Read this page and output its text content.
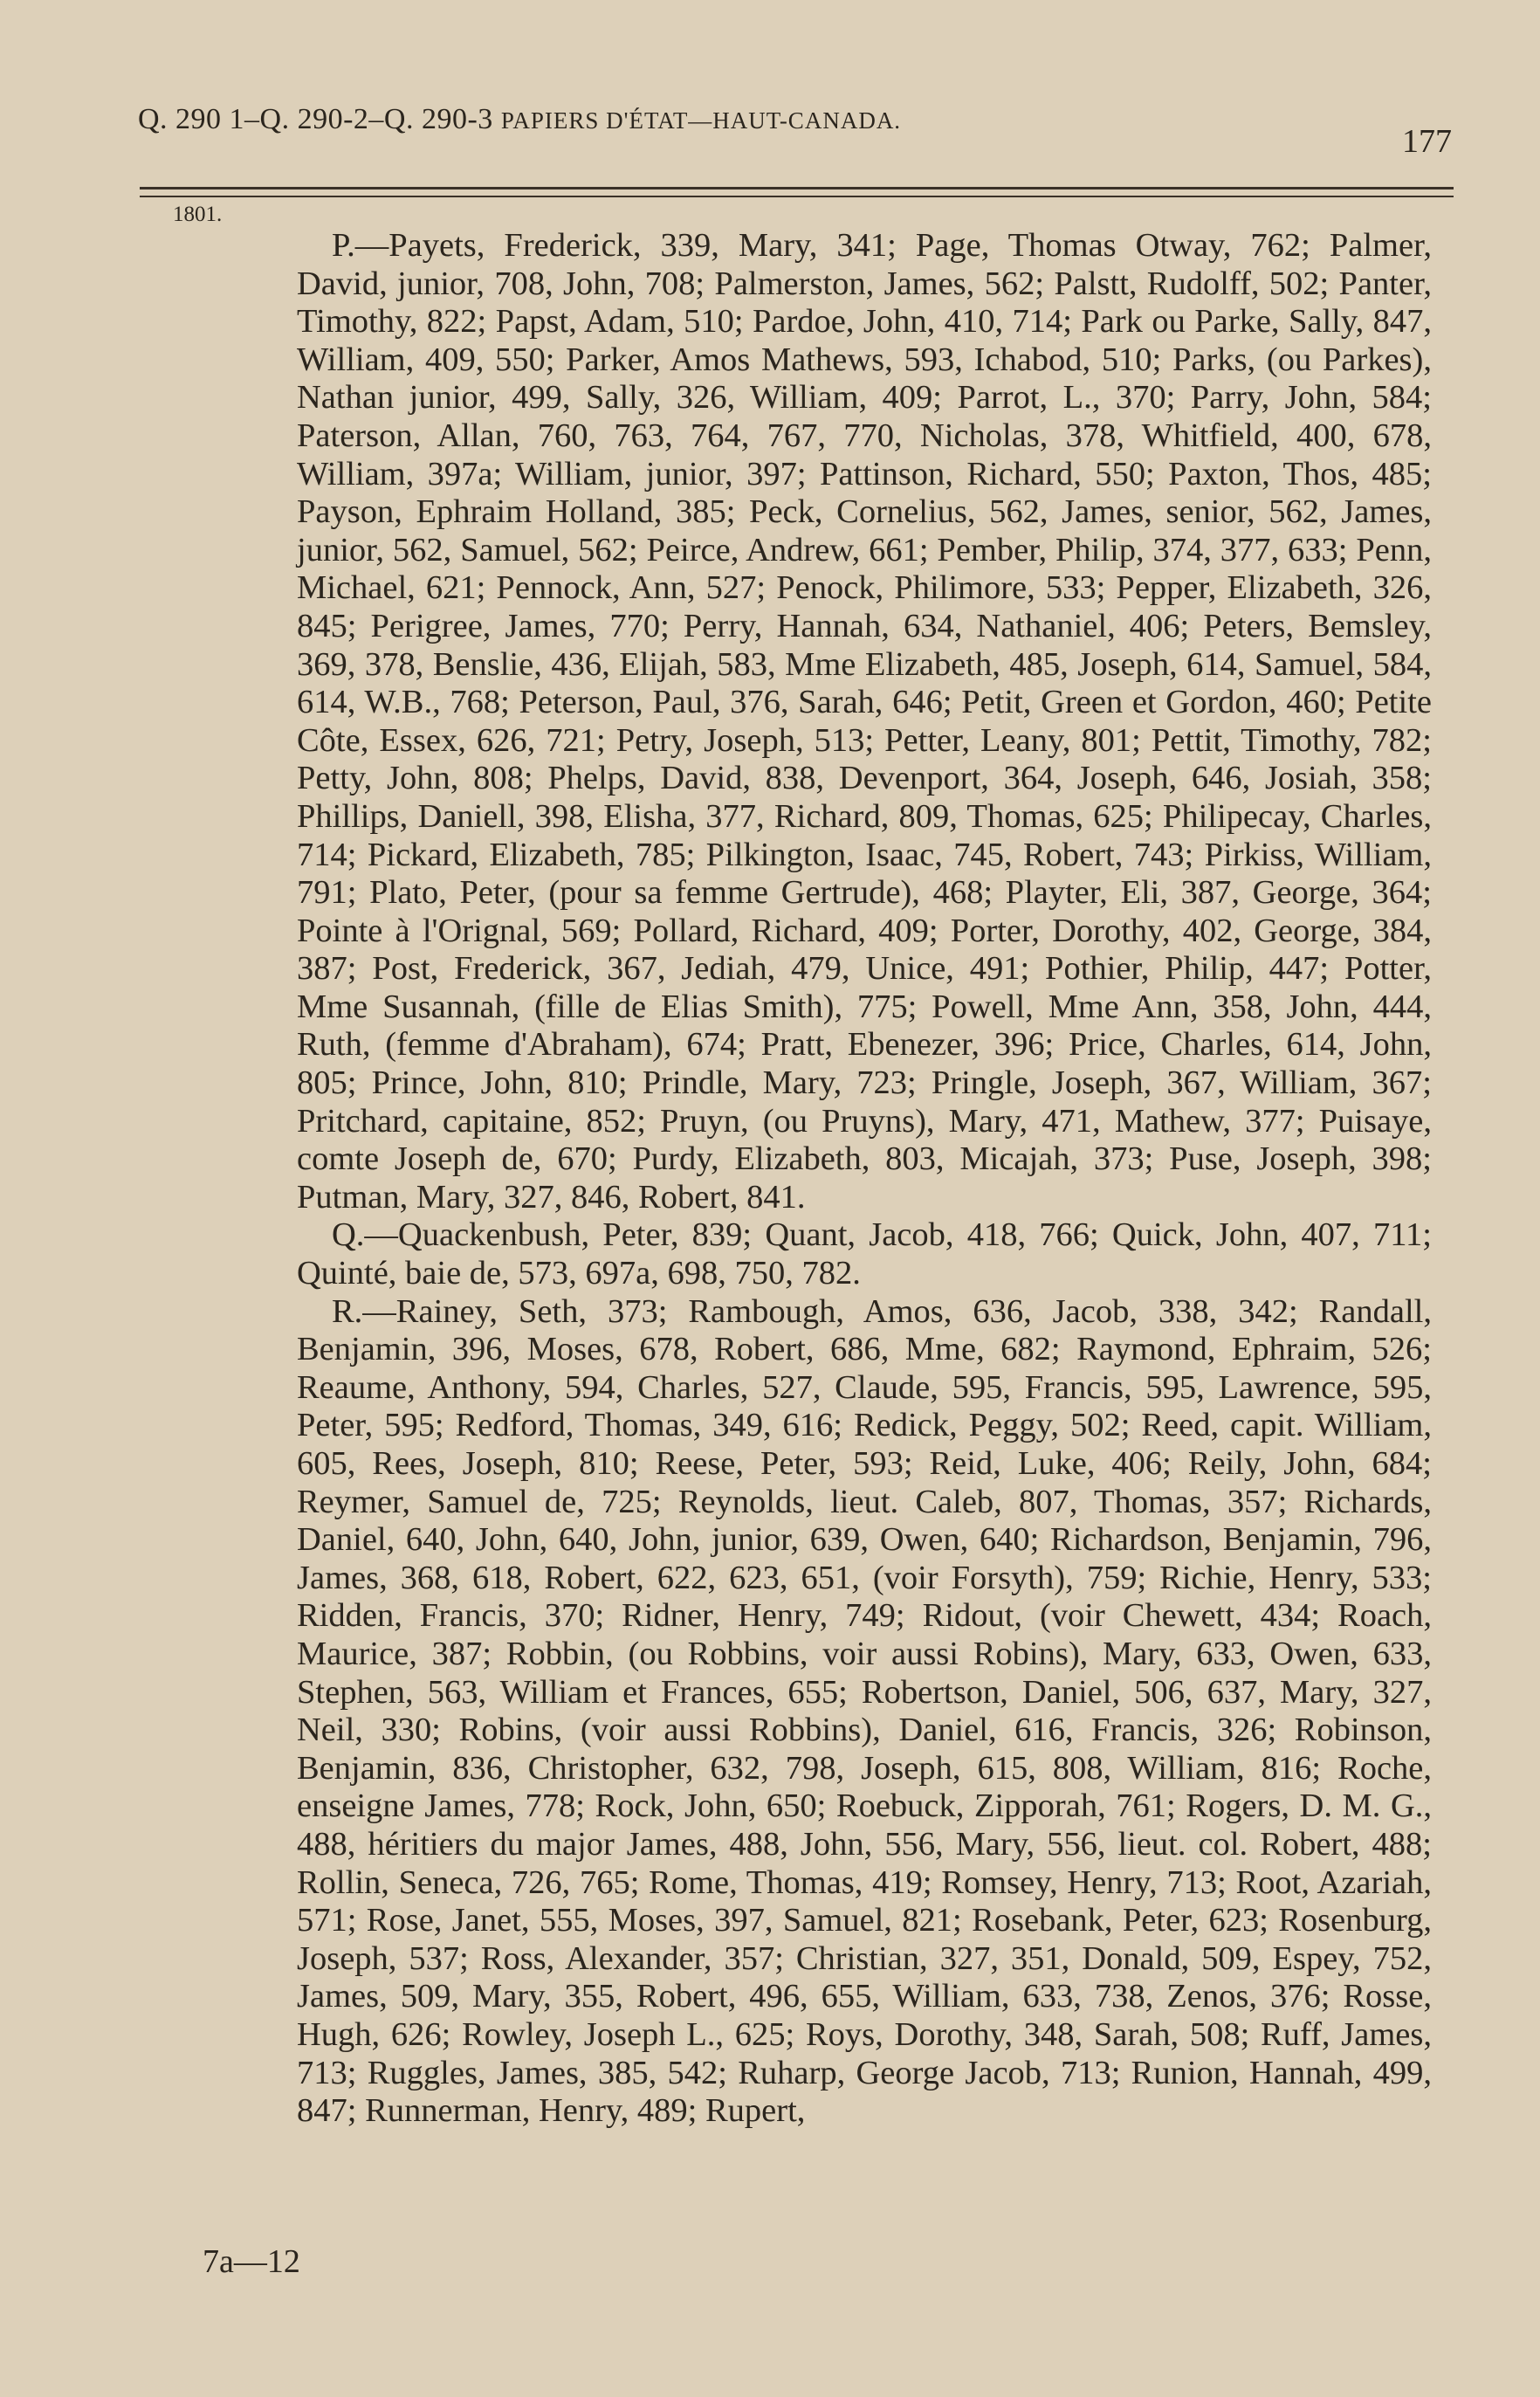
Q. 290 1–Q. 290-2–Q. 290-3 PAPIERS D'ÉTAT—HAUT-CANADA.
177
1801.

P.—Payets, Frederick, 339, Mary, 341; Page, Thomas Otway, 762; Palmer, David, junior, 708, John, 708; Palmerston, James, 562; Palstt, Rudolff, 502; Panter, Timothy, 822; Papst, Adam, 510; Pardoe, John, 410, 714; Park ou Parke, Sally, 847, William, 409, 550; Parker, Amos Mathews, 593, Ichabod, 510; Parks, (ou Parkes), Nathan junior, 499, Sally, 326, William, 409; Parrot, L., 370; Parry, John, 584; Paterson, Allan, 760, 763, 764, 767, 770, Nicholas, 378, Whitfield, 400, 678, William, 397a; William, junior, 397; Pattinson, Richard, 550; Paxton, Thos, 485; Payson, Ephraim Holland, 385; Peck, Cornelius, 562, James, senior, 562, James, junior, 562, Samuel, 562; Peirce, Andrew, 661; Pember, Philip, 374, 377, 633; Penn, Michael, 621; Pennock, Ann, 527; Penock, Philimore, 533; Pepper, Elizabeth, 326, 845; Perigree, James, 770; Perry, Hannah, 634, Nathaniel, 406; Peters, Bemsley, 369, 378, Benslie, 436, Elijah, 583, Mme Elizabeth, 485, Joseph, 614, Samuel, 584, 614, W.B., 768; Peterson, Paul, 376, Sarah, 646; Petit, Green et Gordon, 460; Petite Côte, Essex, 626, 721; Petry, Joseph, 513; Petter, Leany, 801; Pettit, Timothy, 782; Petty, John, 808; Phelps, David, 838, Devenport, 364, Joseph, 646, Josiah, 358; Phillips, Daniell, 398, Elisha, 377, Richard, 809, Thomas, 625; Philipecay, Charles, 714; Pickard, Elizabeth, 785; Pilkington, Isaac, 745, Robert, 743; Pirkiss, William, 791; Plato, Peter, (pour sa femme Gertrude), 468; Playter, Eli, 387, George, 364; Pointe à l'Orignal, 569; Pollard, Richard, 409; Porter, Dorothy, 402, George, 384, 387; Post, Frederick, 367, Jediah, 479, Unice, 491; Pothier, Philip, 447; Potter, Mme Susannah, (fille de Elias Smith), 775; Powell, Mme Ann, 358, John, 444, Ruth, (femme d'Abraham), 674; Pratt, Ebenezer, 396; Price, Charles, 614, John, 805; Prince, John, 810; Prindle, Mary, 723; Pringle, Joseph, 367, William, 367; Pritchard, capitaine, 852; Pruyn, (ou Pruyns), Mary, 471, Mathew, 377; Puisaye, comte Joseph de, 670; Purdy, Elizabeth, 803, Micajah, 373; Puse, Joseph, 398; Putman, Mary, 327, 846, Robert, 841.

Q.—Quackenbush, Peter, 839; Quant, Jacob, 418, 766; Quick, John, 407, 711; Quinté, baie de, 573, 697a, 698, 750, 782.

R.—Rainey, Seth, 373; Rambough, Amos, 636, Jacob, 338, 342; Randall, Benjamin, 396, Moses, 678, Robert, 686, Mme, 682; Raymond, Ephraim, 526; Reaume, Anthony, 594, Charles, 527, Claude, 595, Francis, 595, Lawrence, 595, Peter, 595; Redford, Thomas, 349, 616; Redick, Peggy, 502; Reed, capit. William, 605, Rees, Joseph, 810; Reese, Peter, 593; Reid, Luke, 406; Reily, John, 684; Reymer, Samuel de, 725; Reynolds, lieut. Caleb, 807, Thomas, 357; Richards, Daniel, 640, John, 640, John, junior, 639, Owen, 640; Richardson, Benjamin, 796, James, 368, 618, Robert, 622, 623, 651, (voir Forsyth), 759; Richie, Henry, 533; Ridden, Francis, 370; Ridner, Henry, 749; Ridout, (voir Chewett, 434; Roach, Maurice, 387; Robbin, (ou Robbins, voir aussi Robins), Mary, 633, Owen, 633, Stephen, 563, William et Frances, 655; Robertson, Daniel, 506, 637, Mary, 327, Neil, 330; Robins, (voir aussi Robbins), Daniel, 616, Francis, 326; Robinson, Benjamin, 836, Christopher, 632, 798, Joseph, 615, 808, William, 816; Roche, enseigne James, 778; Rock, John, 650; Roebuck, Zipporah, 761; Rogers, D. M. G., 488, héritiers du major James, 488, John, 556, Mary, 556, lieut. col. Robert, 488; Rollin, Seneca, 726, 765; Rome, Thomas, 419; Romsey, Henry, 713; Root, Azariah, 571; Rose, Janet, 555, Moses, 397, Samuel, 821; Rosebank, Peter, 623; Rosenburg, Joseph, 537; Ross, Alexander, 357; Christian, 327, 351, Donald, 509, Espey, 752, James, 509, Mary, 355, Robert, 496, 655, William, 633, 738, Zenos, 376; Rosse, Hugh, 626; Rowley, Joseph L., 625; Roys, Dorothy, 348, Sarah, 508; Ruff, James, 713; Ruggles, James, 385, 542; Ruharp, George Jacob, 713; Runion, Hannah, 499, 847; Runnerman, Henry, 489; Rupert,

7a—12
